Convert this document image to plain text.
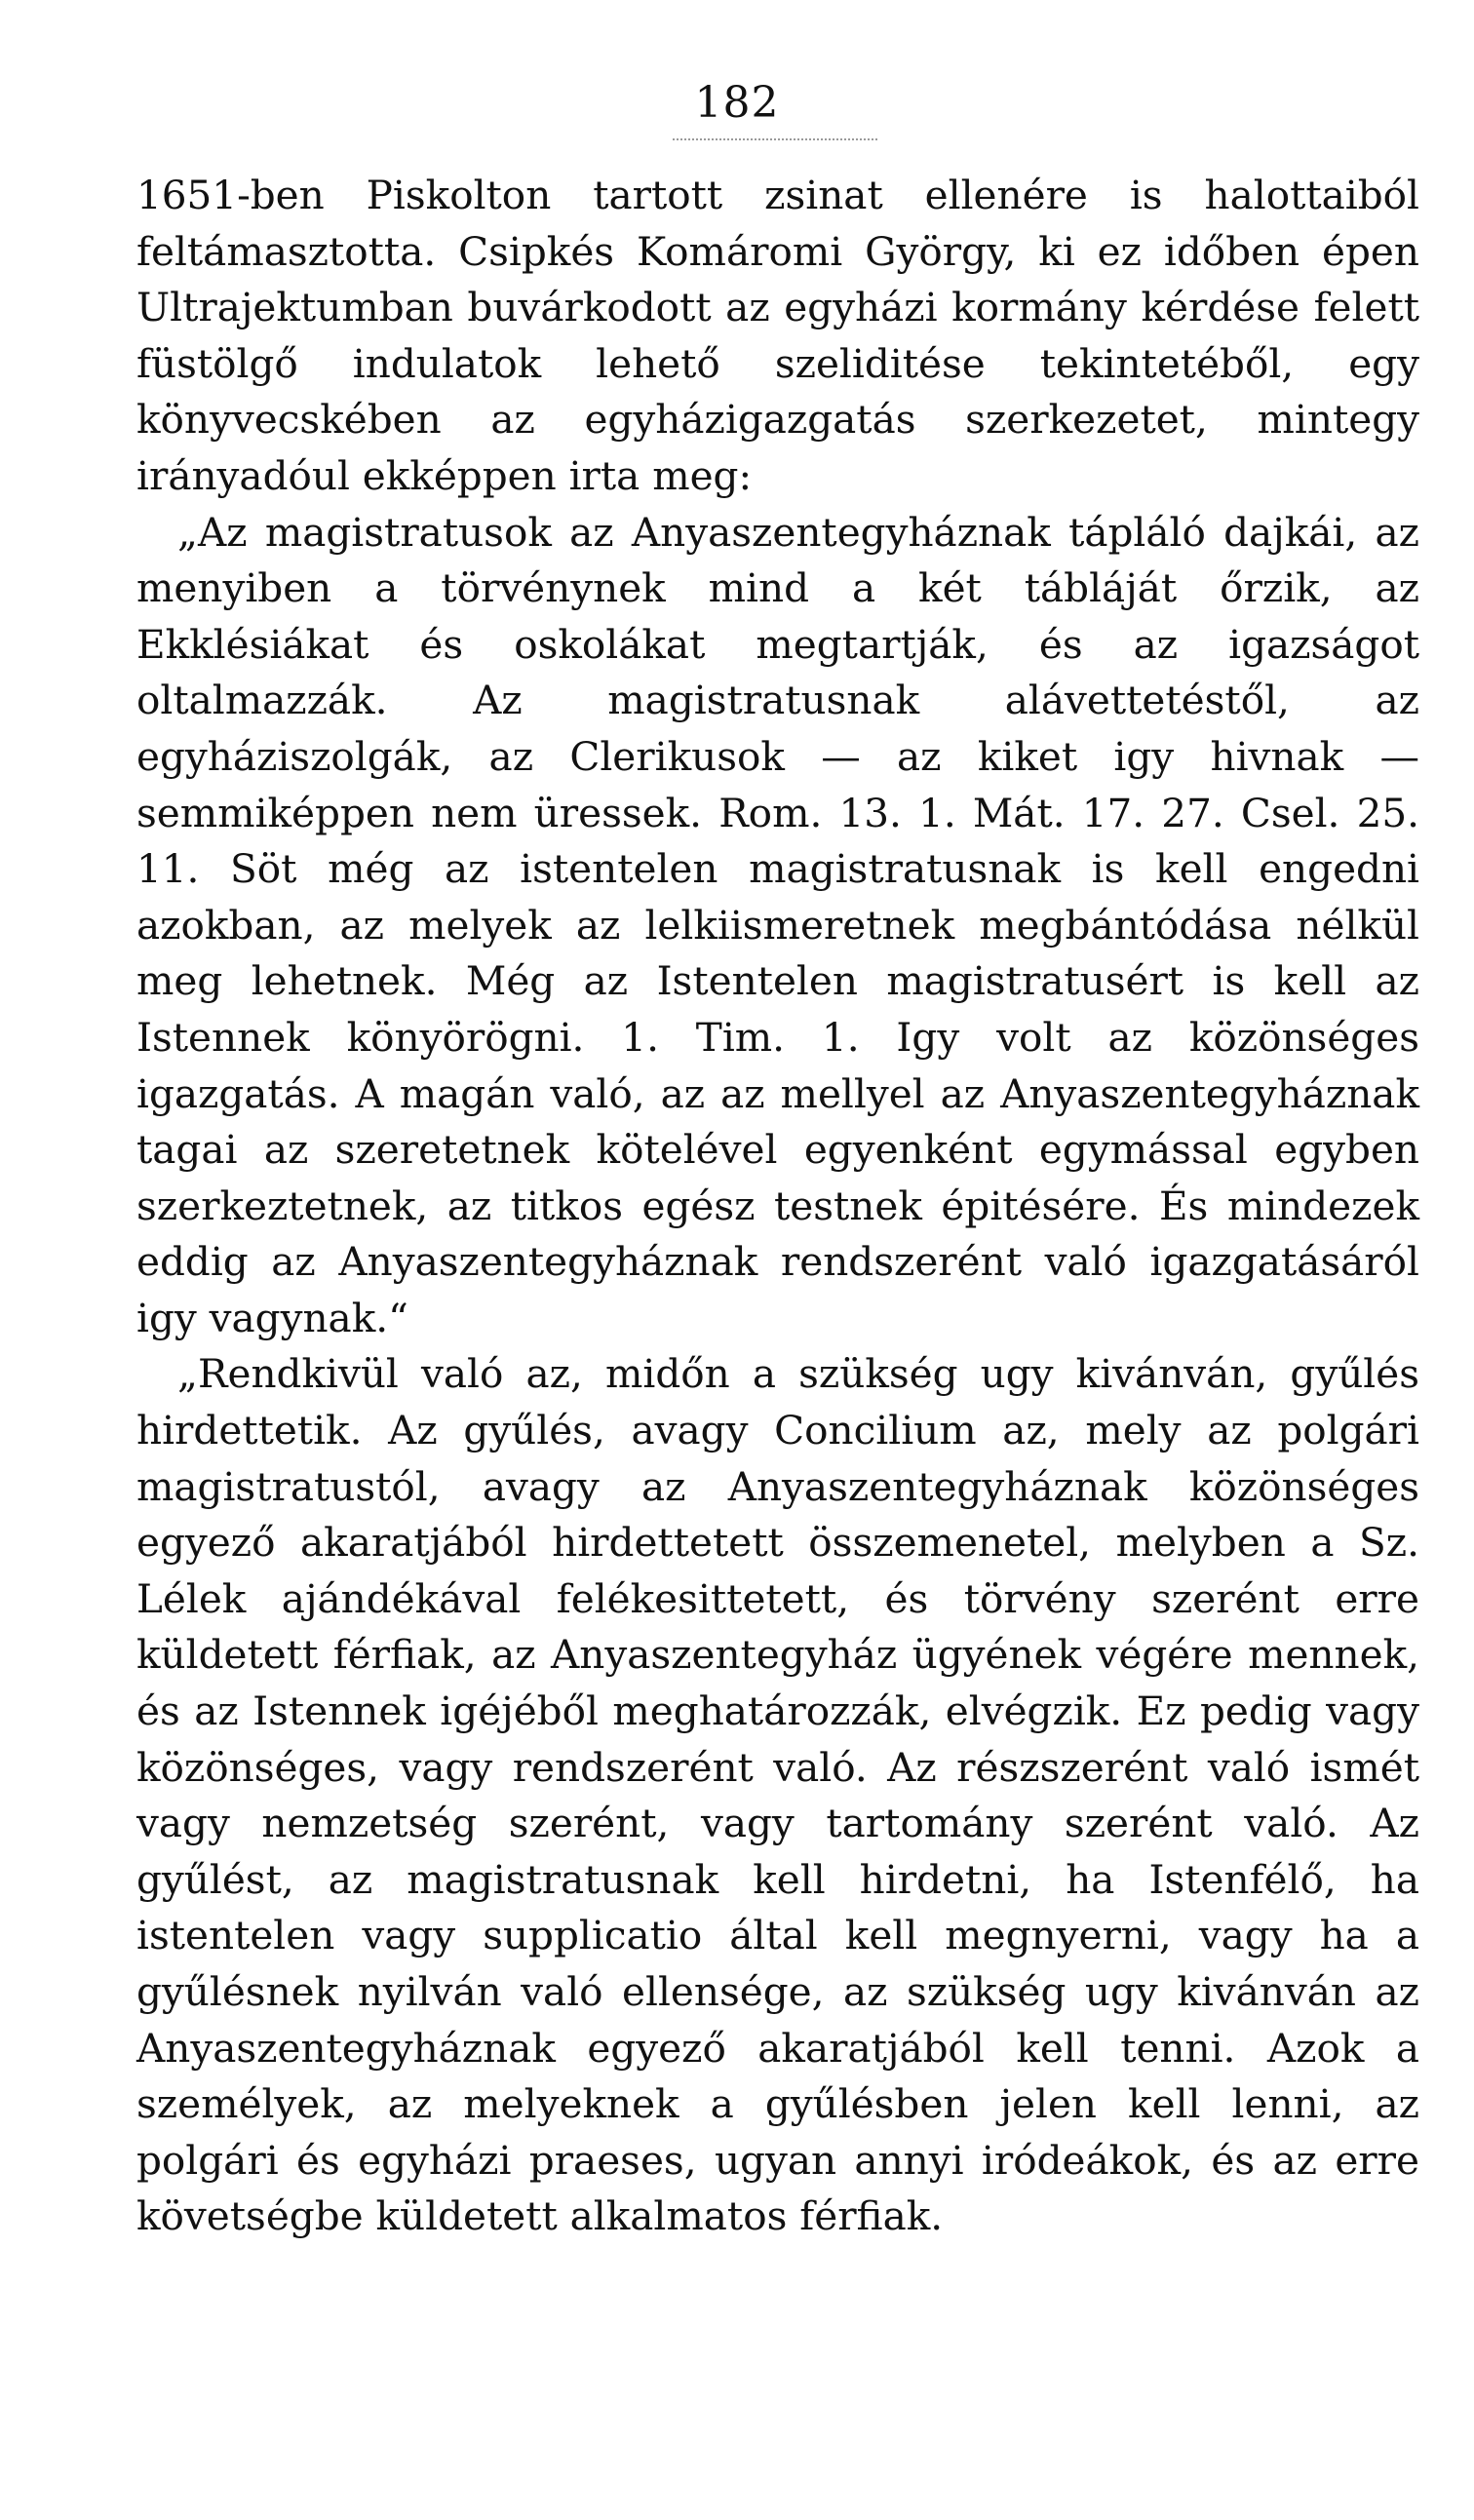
182

1651-ben Piskolton tartott zsinat ellenére is halottaiból feltámasztotta. Csipkés Komáromi György, ki ez időben épen Ultrajektumban buvárkodott az egyházi kormány kérdése felett füstölgő indulatok lehető szeliditése tekintetéből, egy könyvecskében az egyházigazgatás szerkezetet, mintegy irányadóul ekképpen irta meg:

„Az magistratusok az Anyaszentegyháznak tápláló dajkái, az menyiben a törvénynek mind a két tábláját őrzik, az Ekklésiákat és oskolákat megtartják, és az igazságot oltalmazzák. Az magistratusnak alávettetéstől, az egyháziszolgák, az Clerikusok — az kiket igy hivnak — semmiképpen nem üressek. Rom. 13. 1. Mát. 17. 27. Csel. 25. 11. Söt még az istentelen magistratusnak is kell engedni azokban, az melyek az lelkiismeretnek megbántódása nélkül meg lehetnek. Még az Istentelen magistratusért is kell az Istennek könyörögni. 1. Tim. 1. Igy volt az közönséges igazgatás. A magán való, az az mellyel az Anyaszentegyháznak tagai az szeretetnek kötelével egyenként egymással egyben szerkeztetnek, az titkos egész testnek épitésére. És mindezek eddig az Anyaszentegyháznak rendszerént való igazgatásáról igy vagynak.“

„Rendkivül való az, midőn a szükség ugy kivánván, gyűlés hirdettetik. Az gyűlés, avagy Concilium az, mely az polgári magistratustól, avagy az Anyaszentegyháznak közönséges egyező akaratjából hirdettetett összemenetel, melyben a Sz. Lélek ajándékával felékesittetett, és törvény szerént erre küldetett férfiak, az Anyaszentegyház ügyének végére mennek, és az Istennek igéjéből meghatározzák, elvégzik. Ez pedig vagy közönséges, vagy rendszerént való. Az részszerént való ismét vagy nemzetség szerént, vagy tartomány szerént való. Az gyűlést, az magistratusnak kell hirdetni, ha Istenfélő, ha istentelen vagy supplicatio által kell megnyerni, vagy ha a gyűlésnek nyilván való ellensége, az szükség ugy kivánván az Anyaszentegyháznak egyező akaratjából kell tenni. Azok a személyek, az melyeknek a gyűlésben jelen kell lenni, az polgári és egyházi praeses, ugyan annyi iródeákok, és az erre követségbe küldetett alkalmatos férfiak.
